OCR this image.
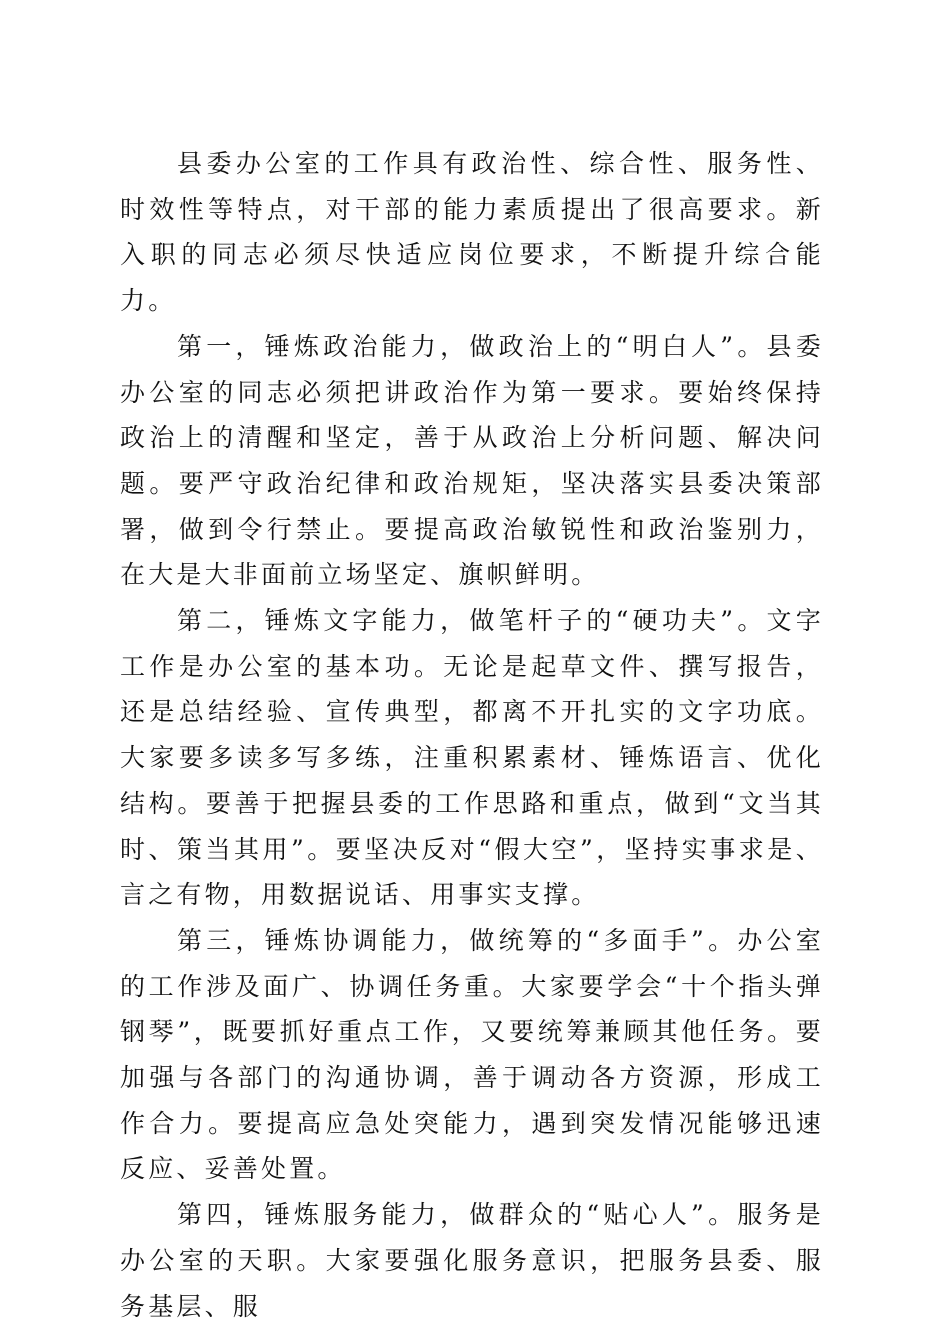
县委办公室的工作具有政治性、综合性、服务性、时效性等特点，对干部的能力素质提出了很高要求。新入职的同志必须尽快适应岗位要求，不断提升综合能力。

第一，锤炼政治能力，做政治上的“明白人”。县委办公室的同志必须把讲政治作为第一要求。要始终保持政治上的清醒和坚定，善于从政治上分析问题、解决问题。要严守政治纪律和政治规矩，坚决落实县委决策部署，做到令行禁止。要提高政治敏锐性和政治鉴别力，在大是大非面前立场坚定、旗帜鲜明。

第二，锤炼文字能力，做笔杆子的“硬功夫”。文字工作是办公室的基本功。无论是起草文件、撰写报告，还是总结经验、宣传典型，都离不开扎实的文字功底。大家要多读多写多练，注重积累素材、锤炼语言、优化结构。要善于把握县委的工作思路和重点，做到“文当其时、策当其用”。要坚决反对“假大空”，坚持实事求是、言之有物，用数据说话、用事实支撑。

第三，锤炼协调能力，做统筹的“多面手”。办公室的工作涉及面广、协调任务重。大家要学会“十个指头弹钢琴”，既要抓好重点工作，又要统筹兼顾其他任务。要加强与各部门的沟通协调，善于调动各方资源，形成工作合力。要提高应急处突能力，遇到突发情况能够迅速反应、妥善处置。

第四，锤炼服务能力，做群众的“贴心人”。服务是办公室的天职。大家要强化服务意识，把服务县委、服务基层、服
